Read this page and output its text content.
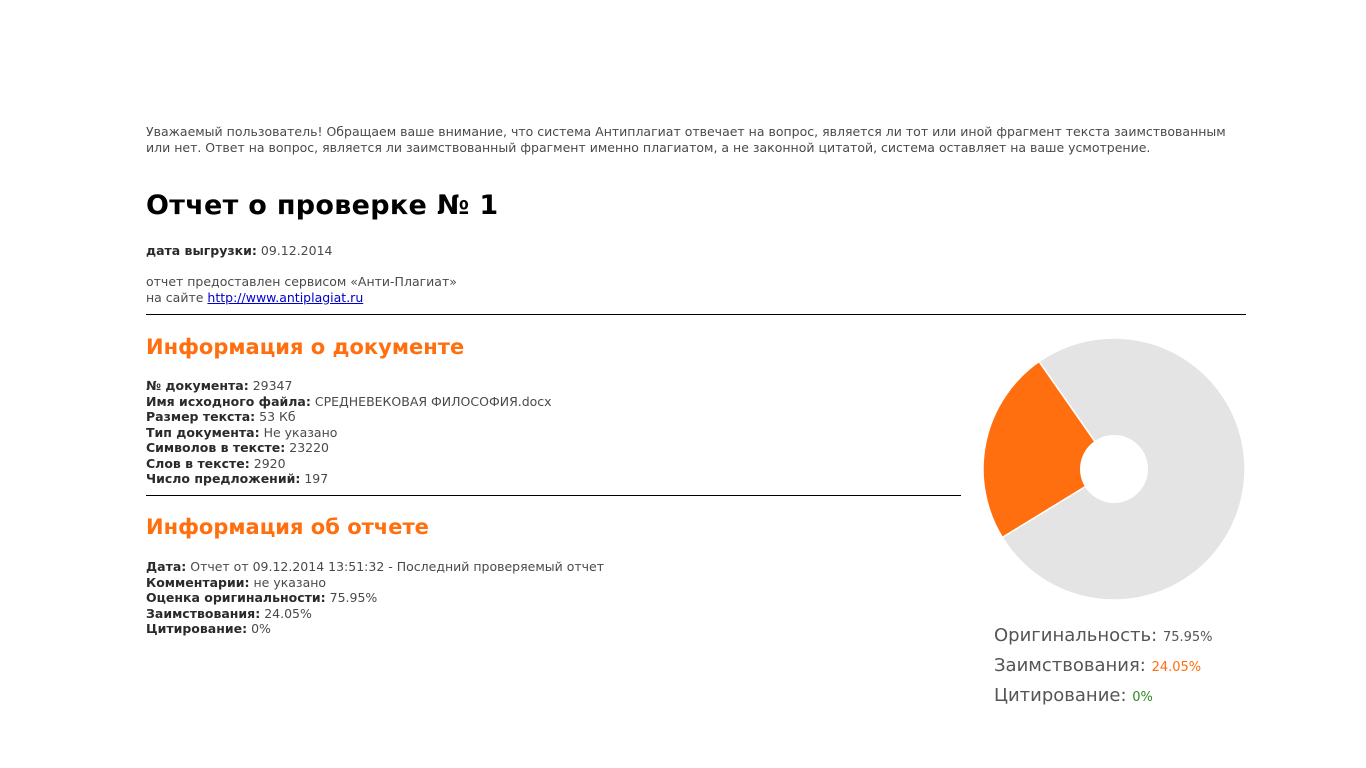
Уважаемый пользователь! Обращаем ваше внимание, что система Антиплагиат отвечает на вопрос, является ли тот или иной фрагмент текста заимствованным или нет. Ответ на вопрос, является ли заимствованный фрагмент именно плагиатом, а не законной цитатой, система оставляет на ваше усмотрение.
Отчет о проверке № 1
дата выгрузки: 09.12.2014
отчет предоставлен сервисом «Анти-Плагиат»
на сайте http://www.antiplagiat.ru
Информация о документе
№ документа: 29347
Имя исходного файла: СРЕДНЕВЕКОВАЯ ФИЛОСОФИЯ.docx
Размер текста: 53 Кб
Тип документа: Не указано
Символов в тексте: 23220
Слов в тексте: 2920
Число предложений: 197
Информация об отчете
Дата: Отчет от 09.12.2014 13:51:32 - Последний проверяемый отчет
Комментарии: не указано
Оценка оригинальности: 75.95%
Заимствования: 24.05%
Цитирование: 0%	Оригинальность: 75.95%
Заимствования: 24.05%
Цитирование: 0%
